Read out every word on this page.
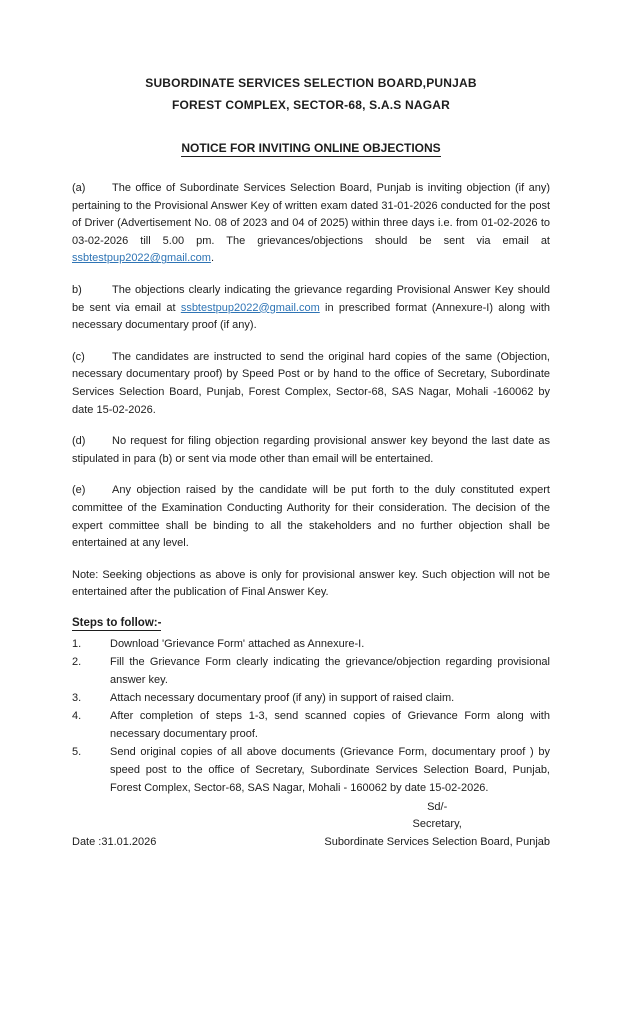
SUBORDINATE SERVICES SELECTION BOARD,PUNJAB
FOREST COMPLEX, SECTOR-68, S.A.S NAGAR
NOTICE FOR INVITING ONLINE OBJECTIONS

(a) The office of Subordinate Services Selection Board, Punjab is inviting objection (if any) pertaining to the Provisional Answer Key of written exam dated 31-01-2026 conducted for the post of Driver (Advertisement No. 08 of 2023 and 04 of 2025) within three days i.e. from 01-02-2026 to 03-02-2026 till 5.00 pm. The grievances/objections should be sent via email at ssbtestpup2022@gmail.com.

b)	The objections clearly indicating the grievance regarding Provisional Answer Key should be sent via email at ssbtestpup2022@gmail.com in prescribed format (Annexure-I) along with necessary documentary proof (if any).

(c) The candidates are instructed to send the original hard copies of the same (Objection, necessary documentary proof) by Speed Post or by hand to the office of Secretary, Subordinate Services Selection Board, Punjab, Forest Complex, Sector-68, SAS Nagar, Mohali -160062 by date 15-02-2026.

(d) No request for filing objection regarding provisional answer key beyond the last date as stipulated in para (b) or sent via mode other than email will be entertained.

(e) Any objection raised by the candidate will be put forth to the duly constituted expert committee of the Examination Conducting Authority for their consideration. The decision of the expert committee shall be binding to all the stakeholders and no further objection shall be entertained at any level.

Note: Seeking objections as above is only for provisional answer key. Such objection will not be entertained after the publication of Final Answer Key.

Steps to follow:-
1.	Download 'Grievance Form' attached as Annexure-I.
2.	Fill the Grievance Form clearly indicating the grievance/objection regarding provisional answer key.
3.	Attach necessary documentary proof (if any) in support of raised claim.
4.	After completion of steps 1-3, send scanned copies of Grievance Form along with necessary documentary proof.
5.	Send original copies of all above documents (Grievance Form, documentary proof ) by speed post to the office of Secretary, Subordinate Services Selection Board, Punjab, Forest Complex, Sector-68, SAS Nagar, Mohali - 160062 by date 15-02-2026.
Sd/-
Secretary,
Subordinate Services Selection Board, Punjab
Date :31.01.2026
